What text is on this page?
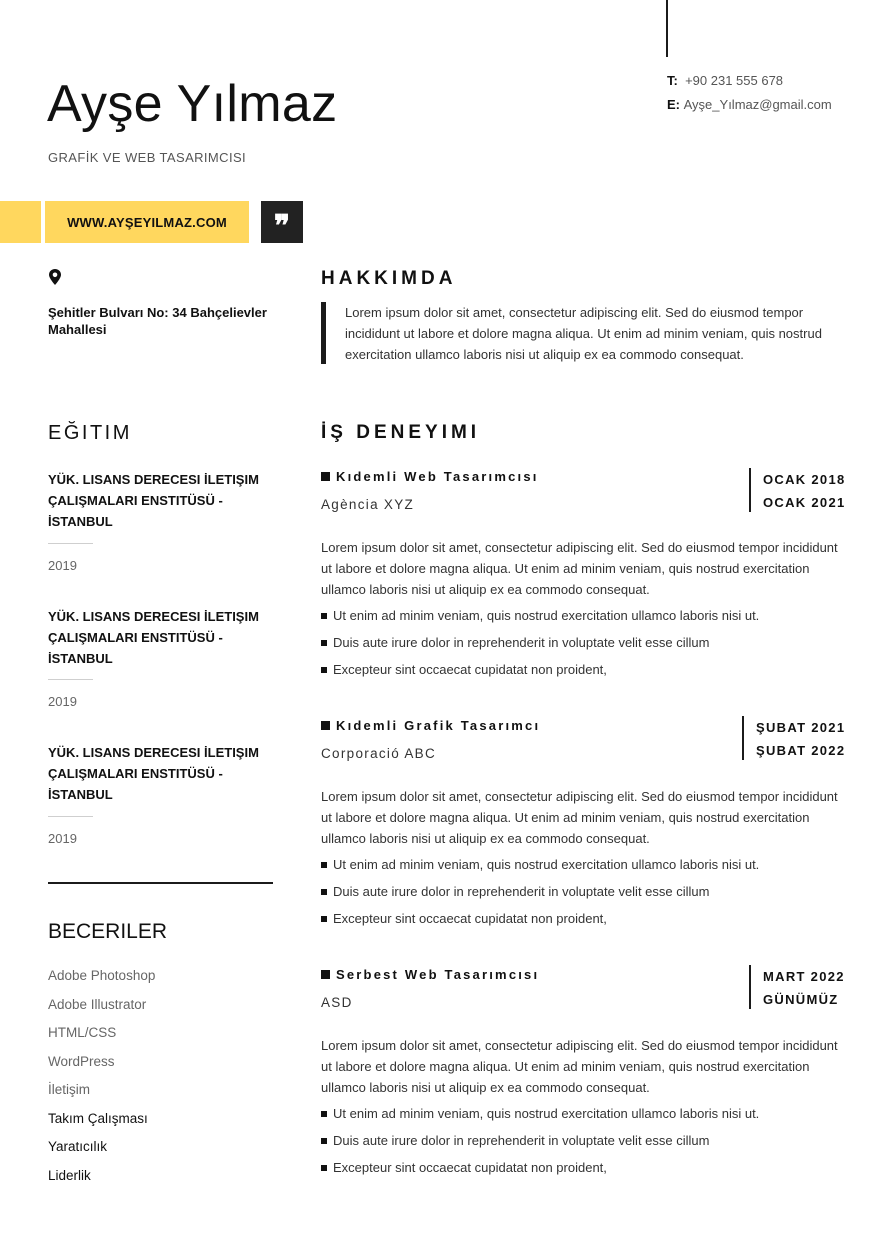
Ayşe Yılmaz
GRAFİK VE WEB TASARIMCISI
T: +90 231 555 678
E: Ayşe_Yılmaz@gmail.com
WWW.AYŞEYILMAZ.COM	❞
Şehitler Bulvarı No: 34 Bahçelievler Mahallesi
EĞITIM
YÜK. LISANS DERECESI İLETIŞIM ÇALIŞMALARI ENSTITÜSÜ - İSTANBUL
2019
YÜK. LISANS DERECESI İLETIŞIM ÇALIŞMALARI ENSTITÜSÜ - İSTANBUL
2019
YÜK. LISANS DERECESI İLETIŞIM ÇALIŞMALARI ENSTITÜSÜ - İSTANBUL
2019
BECERILER
Adobe Photoshop
Adobe Illustrator
HTML/CSS
WordPress
İletişim
Takım Çalışması
Yaratıcılık
Liderlik
HAKKIMDA
Lorem ipsum dolor sit amet, consectetur adipiscing elit. Sed do eiusmod tempor incididunt ut labore et dolore magna aliqua. Ut enim ad minim veniam, quis nostrud exercitation ullamco laboris nisi ut aliquip ex ea commodo consequat.
İŞ DENEYIMI
Kıdemli Web Tasarımcısı
Agència XYZ
OCAK 2018
OCAK 2021
Lorem ipsum dolor sit amet, consectetur adipiscing elit. Sed do eiusmod tempor incididunt ut labore et dolore magna aliqua. Ut enim ad minim veniam, quis nostrud exercitation ullamco laboris nisi ut aliquip ex ea commodo consequat.
Ut enim ad minim veniam, quis nostrud exercitation ullamco laboris nisi ut.
Duis aute irure dolor in reprehenderit in voluptate velit esse cillum
Excepteur sint occaecat cupidatat non proident,
Kıdemli Grafik Tasarımcı
Corporació ABC
ŞUBAT 2021
ŞUBAT 2022
Lorem ipsum dolor sit amet, consectetur adipiscing elit. Sed do eiusmod tempor incididunt ut labore et dolore magna aliqua. Ut enim ad minim veniam, quis nostrud exercitation ullamco laboris nisi ut aliquip ex ea commodo consequat.
Ut enim ad minim veniam, quis nostrud exercitation ullamco laboris nisi ut.
Duis aute irure dolor in reprehenderit in voluptate velit esse cillum
Excepteur sint occaecat cupidatat non proident,
Serbest Web Tasarımcısı
ASD
MART 2022
GÜNÜMÜZ
Lorem ipsum dolor sit amet, consectetur adipiscing elit. Sed do eiusmod tempor incididunt ut labore et dolore magna aliqua. Ut enim ad minim veniam, quis nostrud exercitation ullamco laboris nisi ut aliquip ex ea commodo consequat.
Ut enim ad minim veniam, quis nostrud exercitation ullamco laboris nisi ut.
Duis aute irure dolor in reprehenderit in voluptate velit esse cillum
Excepteur sint occaecat cupidatat non proident,
